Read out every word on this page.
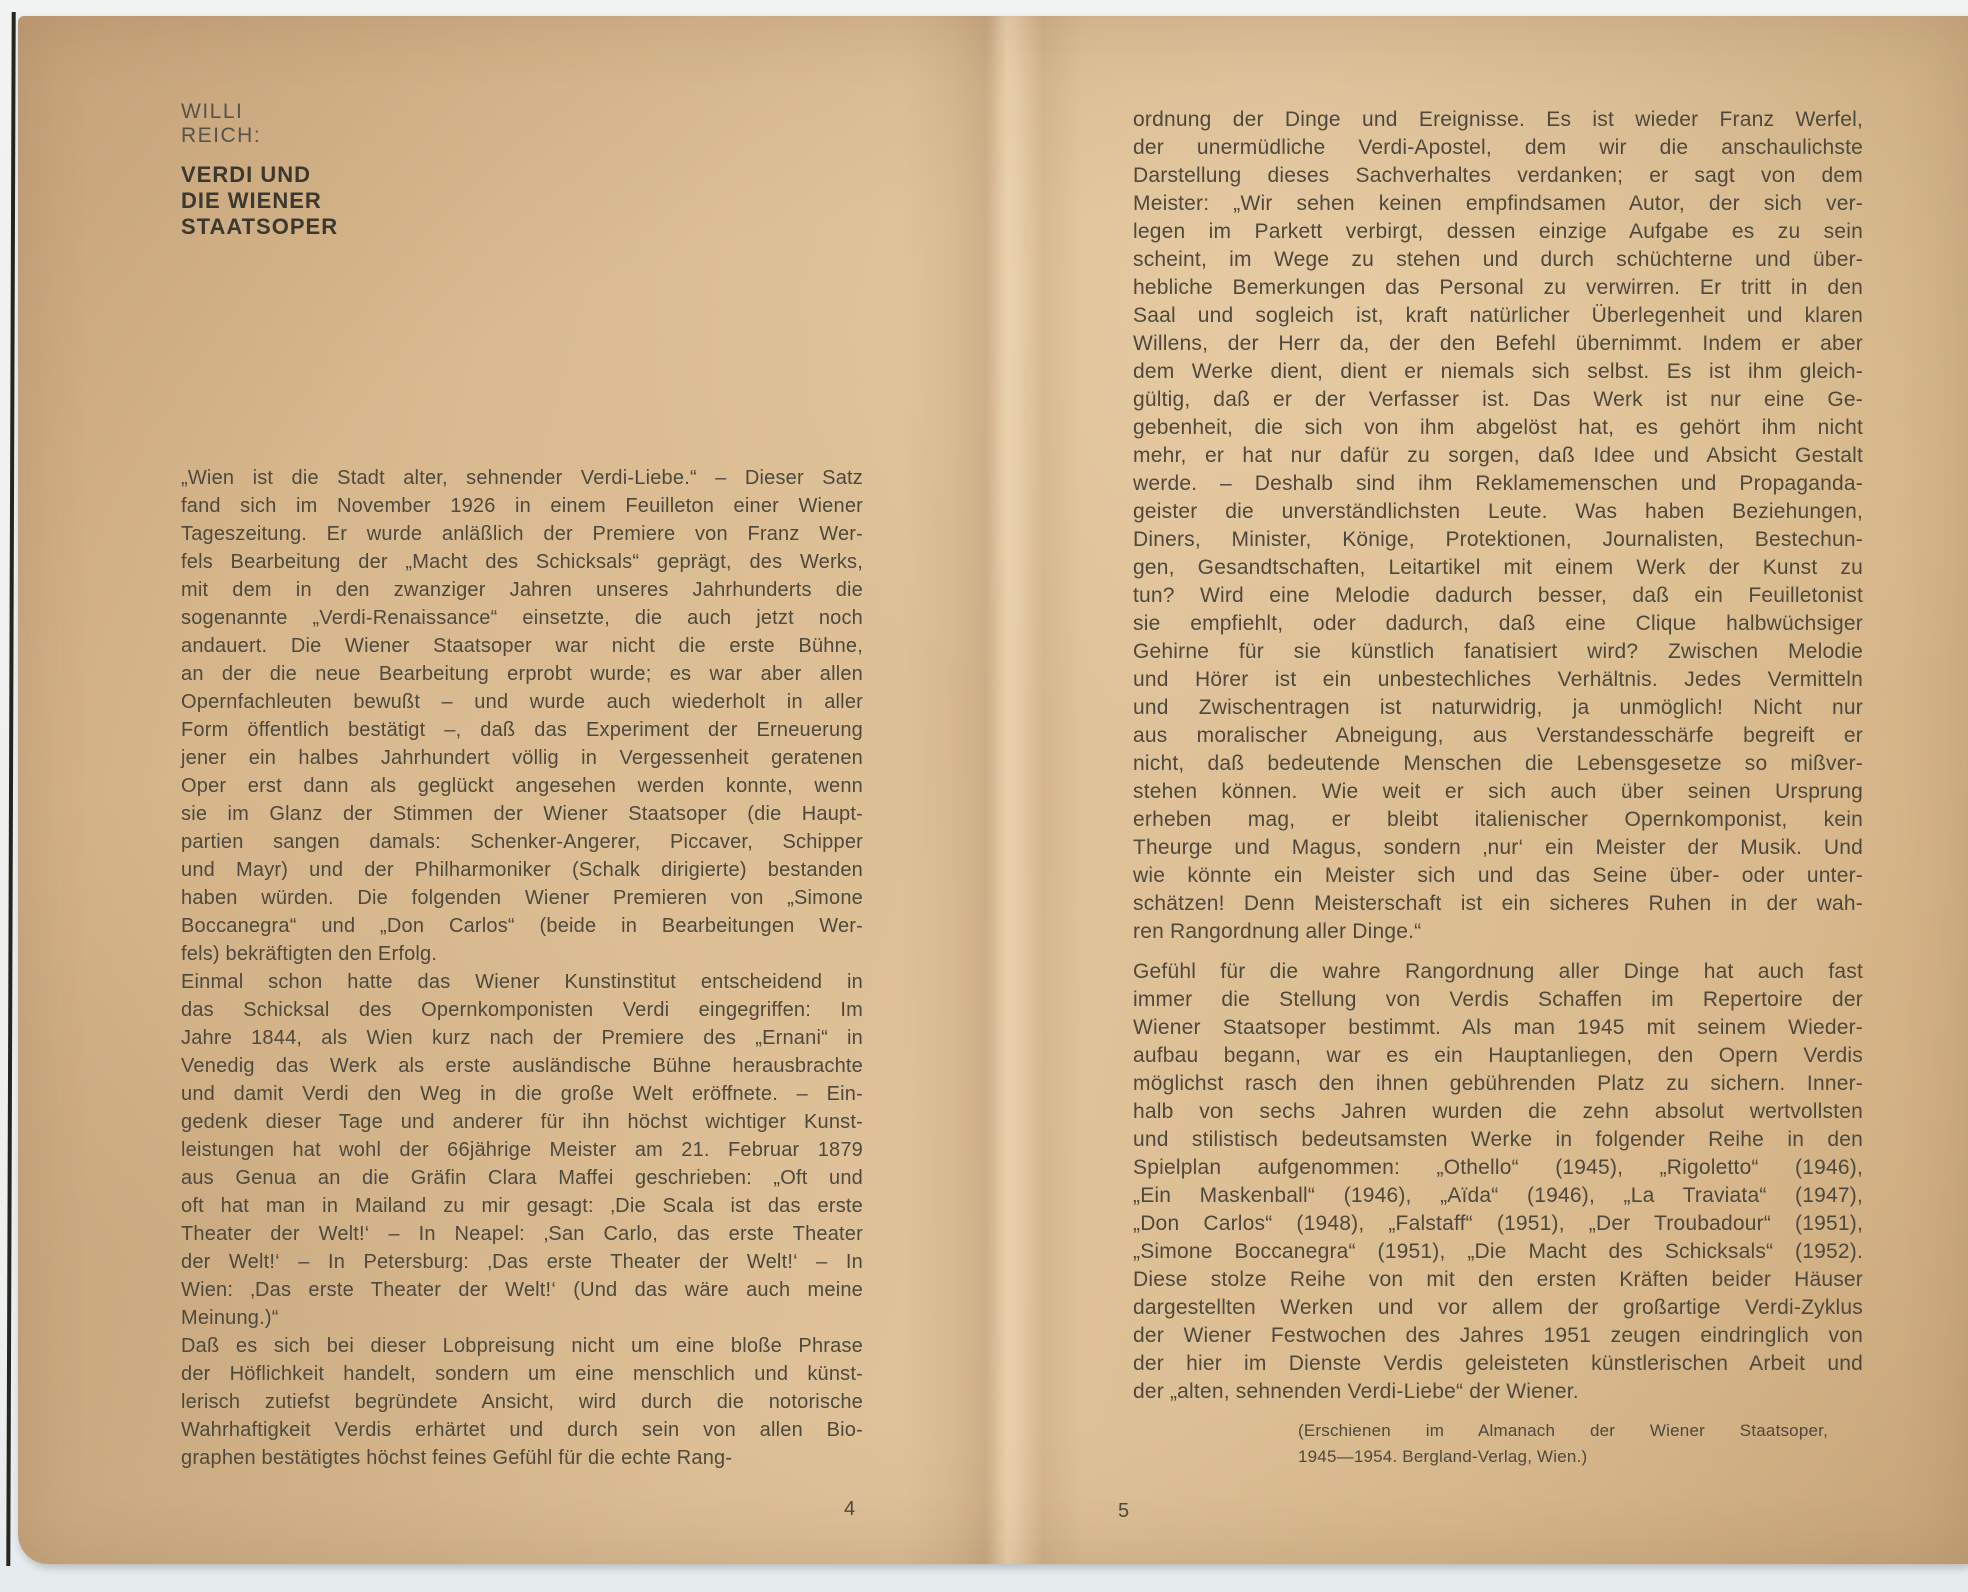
WILLI REICH:
VERDI UND DIE WIENER STAATSOPER
„Wien ist die Stadt alter, sehnender Verdi-Liebe.“ – Dieser Satz
fand sich im November 1926 in einem Feuilleton einer Wiener
Tageszeitung. Er wurde anläßlich der Premiere von Franz Wer-
fels Bearbeitung der „Macht des Schicksals“ geprägt, des Werks,
mit dem in den zwanziger Jahren unseres Jahrhunderts die
sogenannte „Verdi-Renaissance“ einsetzte, die auch jetzt noch
andauert. Die Wiener Staatsoper war nicht die erste Bühne,
an der die neue Bearbeitung erprobt wurde; es war aber allen
Opernfachleuten bewußt – und wurde auch wiederholt in aller
Form öffentlich bestätigt –, daß das Experiment der Erneuerung
jener ein halbes Jahrhundert völlig in Vergessenheit geratenen
Oper erst dann als geglückt angesehen werden konnte, wenn
sie im Glanz der Stimmen der Wiener Staatsoper (die Haupt-
partien sangen damals: Schenker-Angerer, Piccaver, Schipper
und Mayr) und der Philharmoniker (Schalk dirigierte) bestanden
haben würden. Die folgenden Wiener Premieren von „Simone
Boccanegra“ und „Don Carlos“ (beide in Bearbeitungen Wer-
fels) bekräftigten den Erfolg.
Einmal schon hatte das Wiener Kunstinstitut entscheidend in
das Schicksal des Opernkomponisten Verdi eingegriffen: Im
Jahre 1844, als Wien kurz nach der Premiere des „Ernani“ in
Venedig das Werk als erste ausländische Bühne herausbrachte
und damit Verdi den Weg in die große Welt eröffnete. – Ein-
gedenk dieser Tage und anderer für ihn höchst wichtiger Kunst-
leistungen hat wohl der 66jährige Meister am 21. Februar 1879
aus Genua an die Gräfin Clara Maffei geschrieben: „Oft und
oft hat man in Mailand zu mir gesagt: ‚Die Scala ist das erste
Theater der Welt!‘ – In Neapel: ‚San Carlo, das erste Theater
der Welt!‘ – In Petersburg: ‚Das erste Theater der Welt!‘ – In
Wien: ‚Das erste Theater der Welt!‘ (Und das wäre auch meine
Meinung.)“
Daß es sich bei dieser Lobpreisung nicht um eine bloße Phrase
der Höflichkeit handelt, sondern um eine menschlich und künst-
lerisch zutiefst begründete Ansicht, wird durch die notorische
Wahrhaftigkeit Verdis erhärtet und durch sein von allen Bio-
graphen bestätigtes höchst feines Gefühl für die echte Rang-
4
ordnung der Dinge und Ereignisse. Es ist wieder Franz Werfel,
der unermüdliche Verdi-Apostel, dem wir die anschaulichste
Darstellung dieses Sachverhaltes verdanken; er sagt von dem
Meister: „Wir sehen keinen empfindsamen Autor, der sich ver-
legen im Parkett verbirgt, dessen einzige Aufgabe es zu sein
scheint, im Wege zu stehen und durch schüchterne und über-
hebliche Bemerkungen das Personal zu verwirren. Er tritt in den
Saal und sogleich ist, kraft natürlicher Überlegenheit und klaren
Willens, der Herr da, der den Befehl übernimmt. Indem er aber
dem Werke dient, dient er niemals sich selbst. Es ist ihm gleich-
gültig, daß er der Verfasser ist. Das Werk ist nur eine Ge-
gebenheit, die sich von ihm abgelöst hat, es gehört ihm nicht
mehr, er hat nur dafür zu sorgen, daß Idee und Absicht Gestalt
werde. – Deshalb sind ihm Reklamemenschen und Propaganda-
geister die unverständlichsten Leute. Was haben Beziehungen,
Diners, Minister, Könige, Protektionen, Journalisten, Bestechun-
gen, Gesandtschaften, Leitartikel mit einem Werk der Kunst zu
tun? Wird eine Melodie dadurch besser, daß ein Feuilletonist
sie empfiehlt, oder dadurch, daß eine Clique halbwüchsiger
Gehirne für sie künstlich fanatisiert wird? Zwischen Melodie
und Hörer ist ein unbestechliches Verhältnis. Jedes Vermitteln
und Zwischentragen ist naturwidrig, ja unmöglich! Nicht nur
aus moralischer Abneigung, aus Verstandesschärfe begreift er
nicht, daß bedeutende Menschen die Lebensgesetze so mißver-
stehen können. Wie weit er sich auch über seinen Ursprung
erheben mag, er bleibt italienischer Opernkomponist, kein
Theurge und Magus, sondern ‚nur‘ ein Meister der Musik. Und
wie könnte ein Meister sich und das Seine über- oder unter-
schätzen! Denn Meisterschaft ist ein sicheres Ruhen in der wah-
ren Rangordnung aller Dinge.“
Gefühl für die wahre Rangordnung aller Dinge hat auch fast
immer die Stellung von Verdis Schaffen im Repertoire der
Wiener Staatsoper bestimmt. Als man 1945 mit seinem Wieder-
aufbau begann, war es ein Hauptanliegen, den Opern Verdis
möglichst rasch den ihnen gebührenden Platz zu sichern. Inner-
halb von sechs Jahren wurden die zehn absolut wertvollsten
und stilistisch bedeutsamsten Werke in folgender Reihe in den
Spielplan aufgenommen: „Othello“ (1945), „Rigoletto“ (1946),
„Ein Maskenball“ (1946), „Aïda“ (1946), „La Traviata“ (1947),
„Don Carlos“ (1948), „Falstaff“ (1951), „Der Troubadour“ (1951),
„Simone Boccanegra“ (1951), „Die Macht des Schicksals“ (1952).
Diese stolze Reihe von mit den ersten Kräften beider Häuser
dargestellten Werken und vor allem der großartige Verdi-Zyklus
der Wiener Festwochen des Jahres 1951 zeugen eindringlich von
der hier im Dienste Verdis geleisteten künstlerischen Arbeit und
der „alten, sehnenden Verdi-Liebe“ der Wiener.
(Erschienen im Almanach der Wiener Staatsoper,
1945—1954. Bergland-Verlag, Wien.)
5
